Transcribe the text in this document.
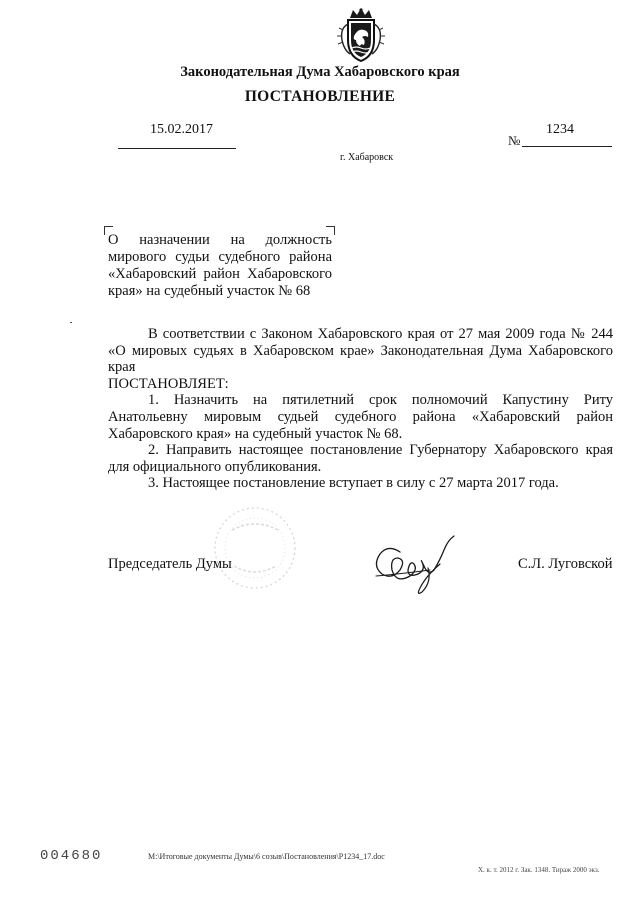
Законодательная Дума Хабаровского края
ПОСТАНОВЛЕНИЕ
15.02.2017
№
1234
г. Хабаровск
О назначении на должность
мирового судьи судебного района
«Хабаровский район Хабаровского
края» на судебный участок № 68

В соответствии с Законом Хабаровского края от 27 мая 2009 года № 244 «О мировых судьях в Хабаровском крае» Законодательная Дума Хабаровского края

ПОСТАНОВЛЯЕТ:

1. Назначить на пятилетний срок полномочий Капустину Риту Анатольевну мировым судьей судебного района «Хабаровский район Хабаровского края» на судебный участок № 68.

2. Направить настоящее постановление Губернатору Хабаровского края для официального опубликования.

3. Настоящее постановление вступает в силу с 27 марта 2017 года.

Председатель Думы	С.Л. Луговской
004680	M:\Итоговые документы Думы\6 созыв\Постановления\P1234_17.doc
Х. к. т. 2012 г. Зак. 1348. Тираж 2000 экз.
